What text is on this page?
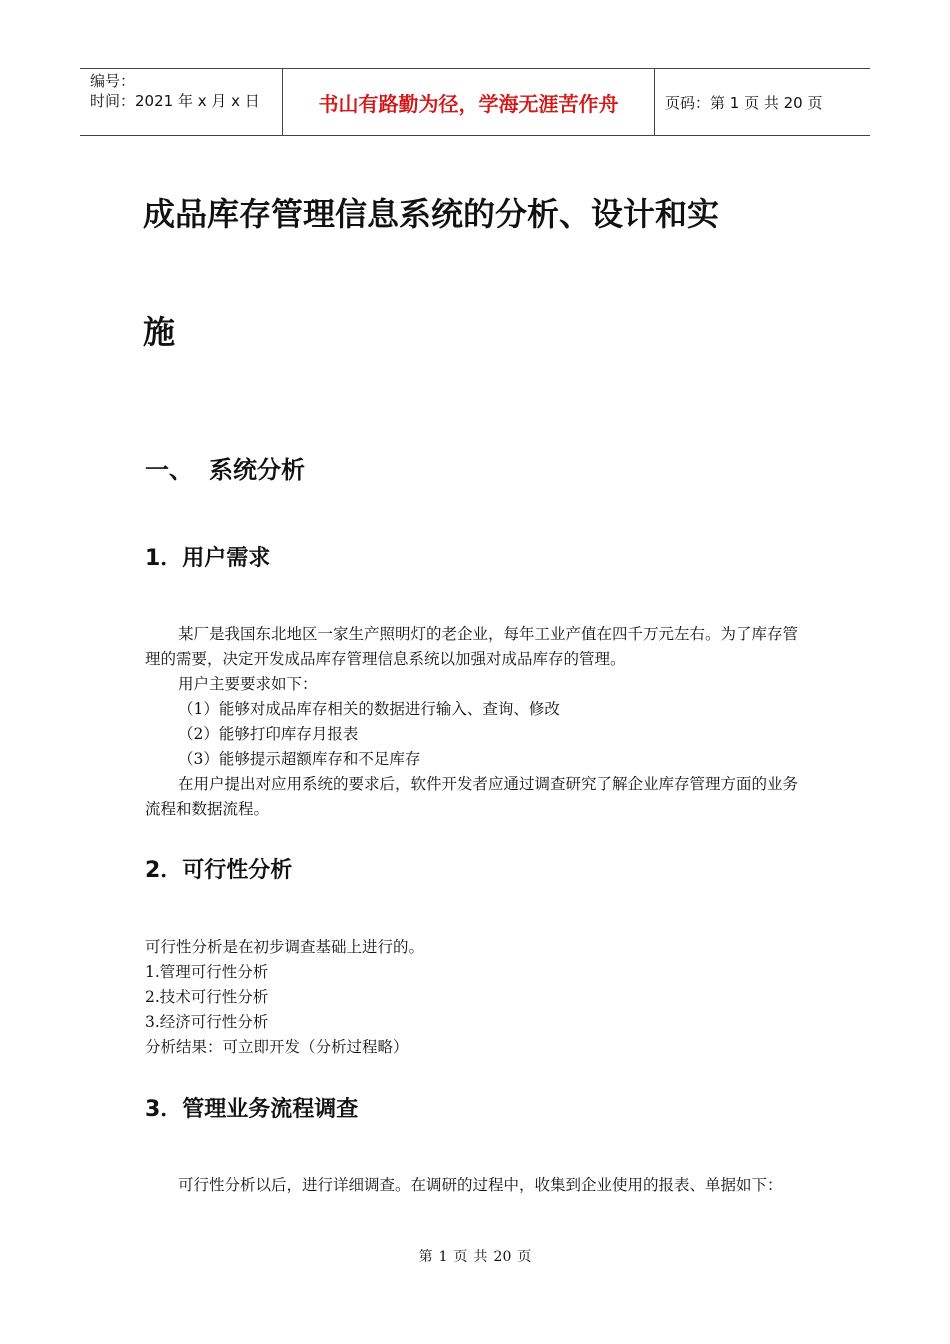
编号：
时间：2021 年 x 月 x 日	书山有路勤为径，学海无涯苦作舟	页码：第 1 页 共 20 页
成品库存管理信息系统的分析、设计和实
施
一、 系统分析
1．用户需求

某厂是我国东北地区一家生产照明灯的老企业，每年工业产值在四千万元左右。为了库存管理的需要，决定开发成品库存管理信息系统以加强对成品库存的管理。

用户主要要求如下：

（1）能够对成品库存相关的数据进行输入、查询、修改

（2）能够打印库存月报表

（3）能够提示超额库存和不足库存

在用户提出对应用系统的要求后，软件开发者应通过调查研究了解企业库存管理方面的业务流程和数据流程。

2．可行性分析

可行性分析是在初步调查基础上进行的。

1.管理可行性分析

2.技术可行性分析

3.经济可行性分析

分析结果：可立即开发（分析过程略）

3．管理业务流程调查

可行性分析以后，进行详细调查。在调研的过程中，收集到企业使用的报表、单据如下：

第 1 页 共 20 页
